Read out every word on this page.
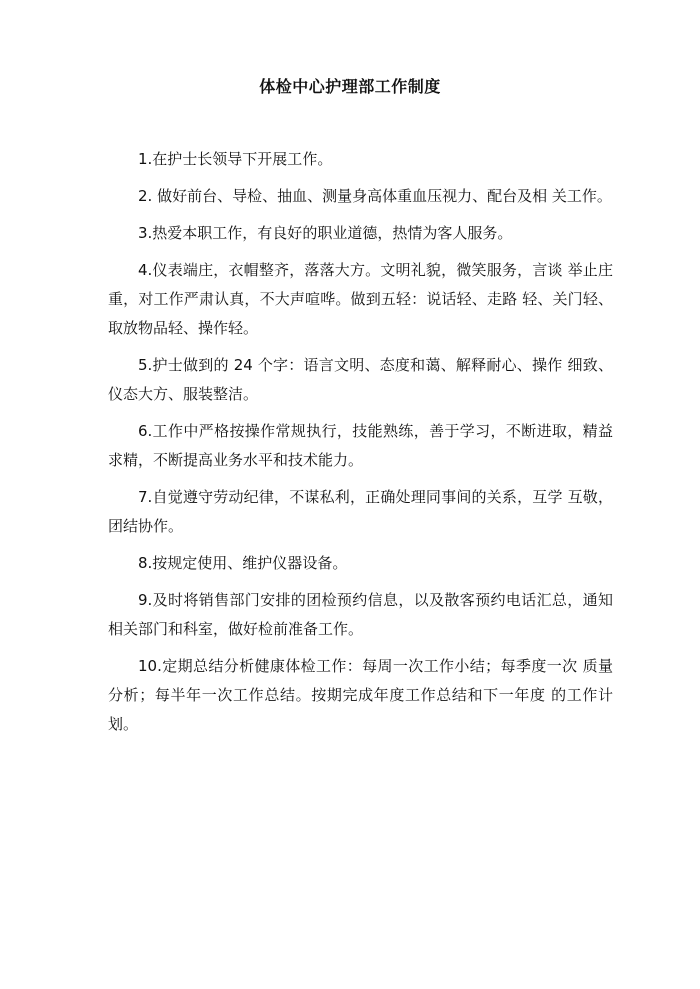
体检中心护理部工作制度

1.在护士长领导下开展工作。

2. 做好前台、导检、抽血、测量身高体重血压视力、配台及相 关工作。

3.热爱本职工作，有良好的职业道德，热情为客人服务。

4.仪表端庄，衣帽整齐，落落大方。文明礼貌，微笑服务，言谈 举止庄重，对工作严肃认真，不大声喧哗。做到五轻：说话轻、走路 轻、关门轻、取放物品轻、操作轻。

5.护士做到的 24 个字：语言文明、态度和蔼、解释耐心、操作 细致、仪态大方、服装整洁。

6.工作中严格按操作常规执行，技能熟练，善于学习，不断进取，精益求精，不断提高业务水平和技术能力。

7.自觉遵守劳动纪律，不谋私利，正确处理同事间的关系，互学 互敬，团结协作。

8.按规定使用、维护仪器设备。

9.及时将销售部门安排的团检预约信息，以及散客预约电话汇总，通知相关部门和科室，做好检前准备工作。

10.定期总结分析健康体检工作：每周一次工作小结；每季度一次 质量分析；每半年一次工作总结。按期完成年度工作总结和下一年度 的工作计划。
